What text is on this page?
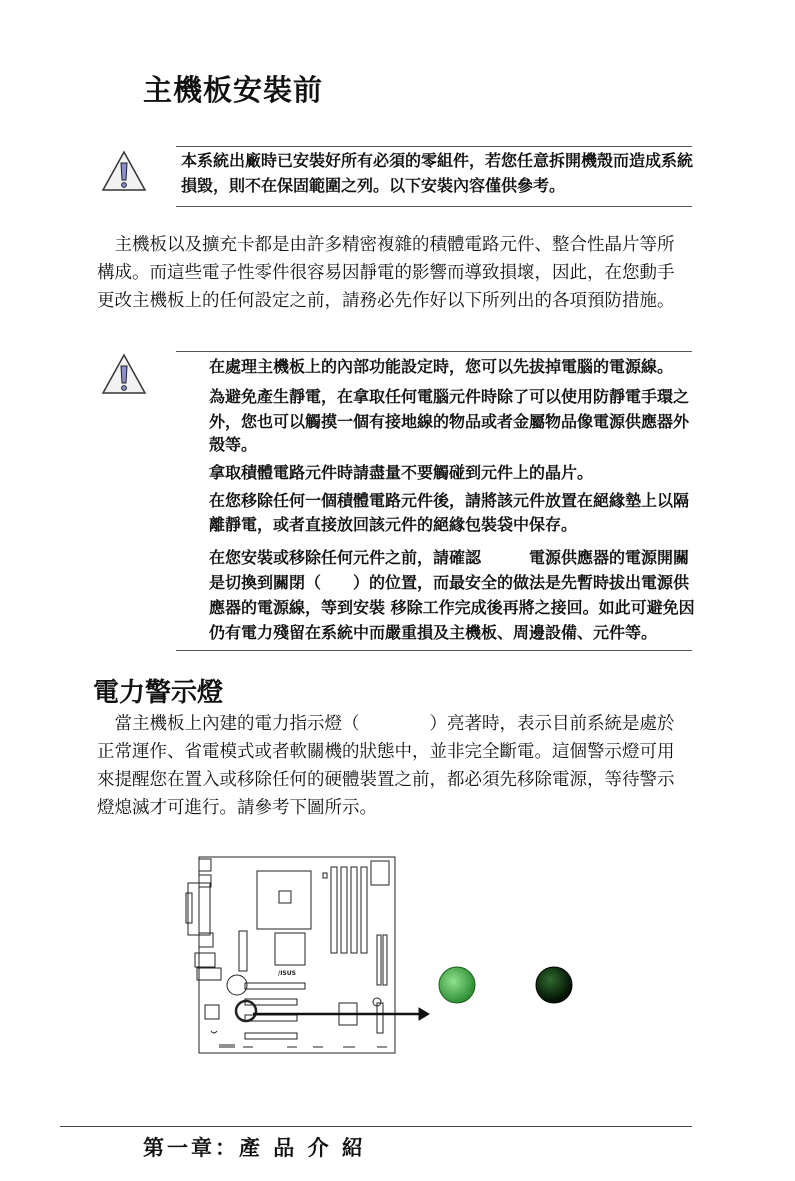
主機板安裝前
本系統出廠時已安裝好所有必須的零組件，若您任意拆開機殼而造成系統
損毀，則不在保固範圍之列。以下安裝內容僅供參考。
　主機板以及擴充卡都是由許多精密複雜的積體電路元件、整合性晶片等所
構成。而這些電子性零件很容易因靜電的影響而導致損壞，因此，在您動手
更改主機板上的任何設定之前，請務必先作好以下所列出的各項預防措施。
在處理主機板上的內部功能設定時，您可以先拔掉電腦的電源線。
為避免產生靜電，在拿取任何電腦元件時除了可以使用防靜電手環之
外，您也可以觸摸一個有接地線的物品或者金屬物品像電源供應器外
殼等。
拿取積體電路元件時請盡量不要觸碰到元件上的晶片。
在您移除任何一個積體電路元件後，請將該元件放置在絕緣墊上以隔
離靜電，或者直接放回該元件的絕緣包裝袋中保存。
在您安裝或移除任何元件之前，請確認　　　電源供應器的電源開關
是切換到關閉（　　）的位置，而最安全的做法是先暫時拔出電源供
應器的電源線，等到安裝 移除工作完成後再將之接回。如此可避免因
仍有電力殘留在系統中而嚴重損及主機板、周邊設備、元件等。
電力警示燈
　當主機板上內建的電力指示燈（　　　　）亮著時，表示目前系統是處於
正常運作、省電模式或者軟關機的狀態中，並非完全斷電。這個警示燈可用
來提醒您在置入或移除任何的硬體裝置之前，都必須先移除電源，等待警示
燈熄滅才可進行。請參考下圖所示。
/ISUS
第一章：產 品 介 紹
